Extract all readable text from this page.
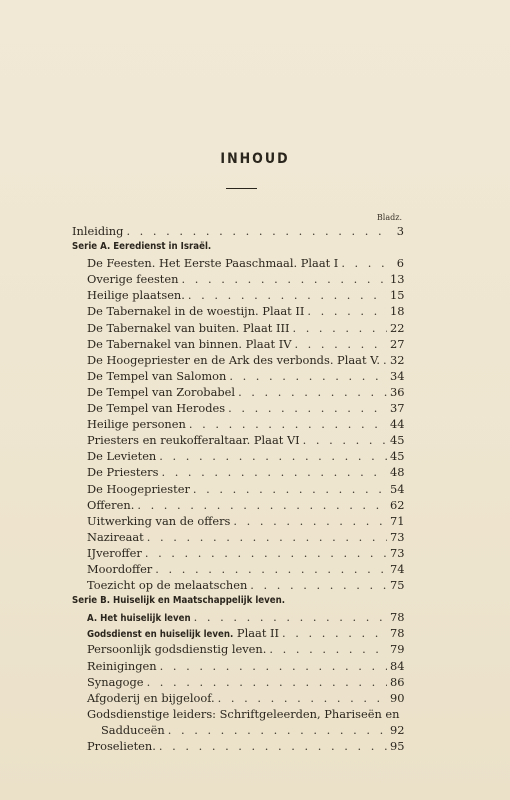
INHOUD
Bladz.
Inleiding . . .	3
Serie A. Eeredienst in Israël.
De Feesten. Het Eerste Paaschmaal. Plaat I . . .	6
Overige feesten . . .	13
Heilige plaatsen. . . .	15
De Tabernakel in de woestijn. Plaat II . . .	18
De Tabernakel van buiten. Plaat III . . .	22
De Tabernakel van binnen. Plaat IV . . .	27
De Hoogepriester en de Ark des verbonds. Plaat V. . . . 32
De Tempel van Salomon . . .	34
De Tempel van Zorobabel . . .	36
De Tempel van Herodes . . .	37
Heilige personen . . .	44
Priesters en reukofferaltaar. Plaat VI . . .	45
De Levieten . . .	45
De Priesters . . .	48
De Hoogepriester . . .	54
Offeren. . . .	62
Uitwerking van de offers . . .	71
Nazireaat . . .	73
IJveroffer . . .	73
Moordoffer . . .	74
Toezicht op de melaatschen . . .	75
Serie B. Huiselijk en Maatschappelijk leven.
A. Het huiselijk leven . . .	78
Godsdienst en huiselijk leven. Plaat II . . .	78
Persoonlijk godsdienstig leven. . . .	79
Reinigingen . . .	84
Synagoge . . .	86
Afgoderij en bijgeloof. . . .	90
Godsdienstige leiders: Schriftgeleerden, Phariseën en
Sadduceën . . .	92
Proselieten. . . .	95
